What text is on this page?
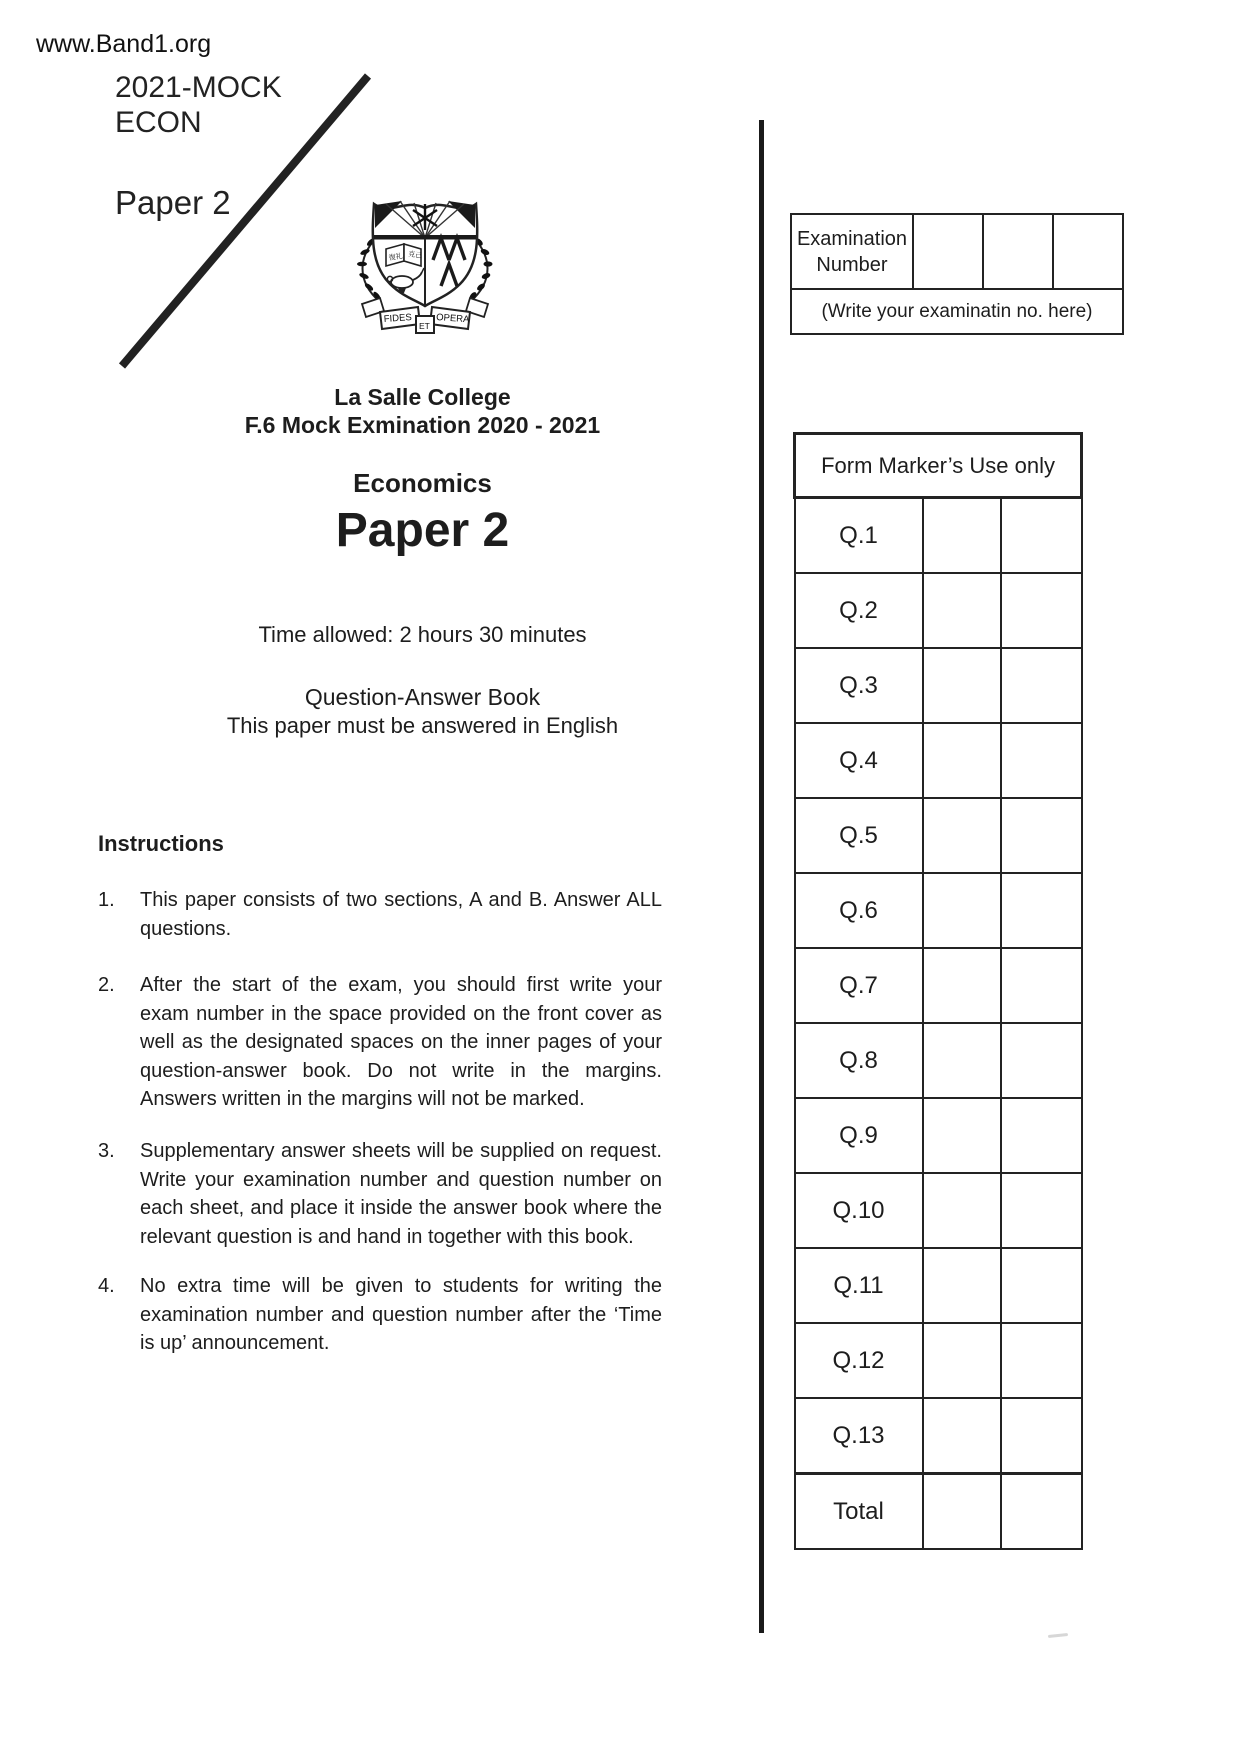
www.Band1.org
2021-MOCK
ECON
Paper 2
復礼 克己
FIDES OPERA
ET
La Salle College
F.6 Mock Exmination 2020 - 2021
Economics
Paper 2
Time allowed: 2 hours 30 minutes
Question-Answer Book
This paper must be answered in English
Instructions
1. This paper consists of two sections, A and B. Answer ALL questions.
2. After the start of the exam, you should first write your exam number in the space provided on the front cover as well as the designated spaces on the inner pages of your question-answer book. Do not write in the margins. Answers written in the margins will not be marked.
3. Supplementary answer sheets will be supplied on request. Write your examination number and question number on each sheet, and place it inside the answer book where the relevant question is and hand in together with this book.
4. No extra time will be given to students for writing the examination number and question number after the ‘Time is up’ announcement.
Examination Number			
(Write your examinatin no. here)
Form Marker’s Use only		
Q.1		
Q.2		
Q.3		
Q.4		
Q.5		
Q.6		
Q.7		
Q.8		
Q.9		
Q.10		
Q.11		
Q.12		
Q.13		
Total		
